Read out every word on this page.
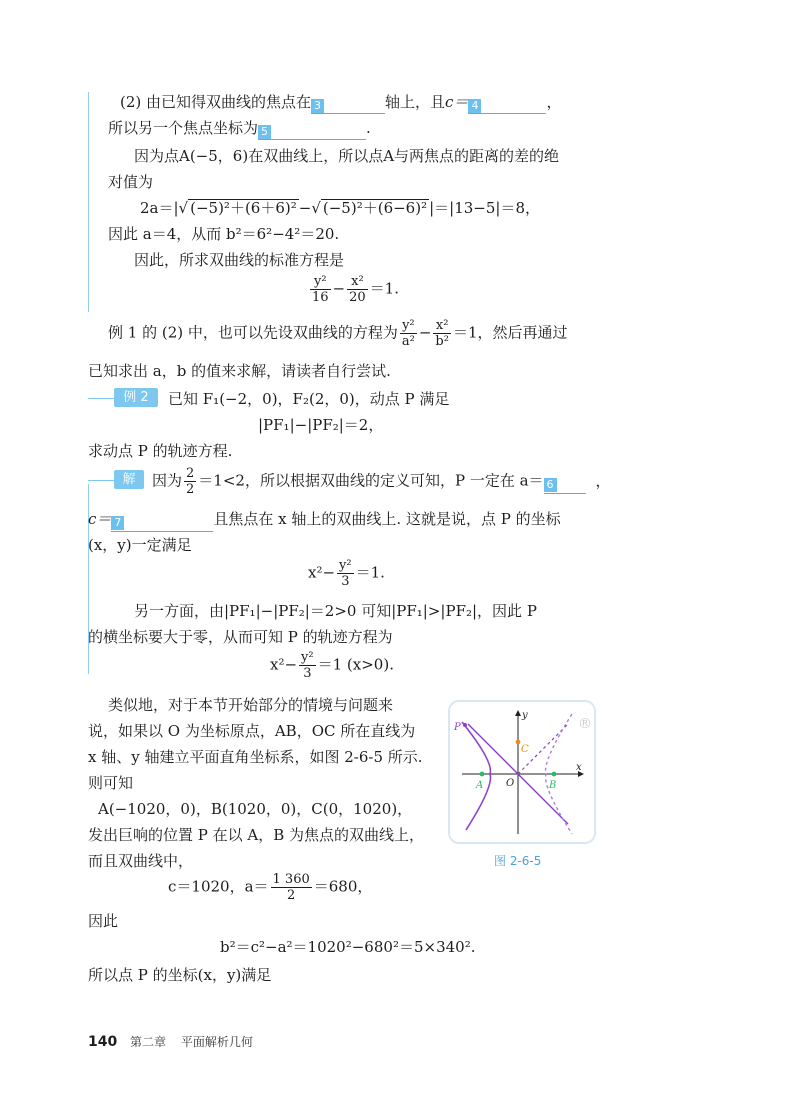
(2) 由已知得双曲线的焦点在 3	轴上，且c＝ 4	，
所以另一个焦点坐标为 5	.
因为点A(−5，6)在双曲线上，所以点A与两焦点的距离的差的绝
对值为
2a＝|√ (−5)²＋(6＋6)² −√ (−5)²＋(6−6)² |＝|13−5|＝8，
因此 a＝4，从而 b²＝6²−4²＝20.
因此，所求双曲线的标准方程是
$\frac{\text{y²}}{16} - \frac{\text{x²}}{20} =1$.
例 1 的 (2) 中，也可以先设双曲线的方程为 $\frac{\text{y²}}{\text{a²}} - \frac{\text{x²}}{\text{b²}} =1$，然后再通过
已知求出 a，b 的值来求解，请读者自行尝试.
例 2	已知 F₁(−2，0)，F₂(2，0)，动点 P 满足
|PF₁|−|PF₂|＝2，
求动点 P 的轨迹方程.
解	因为 $\frac{2}{2} =1<2$，所以根据双曲线的定义可知，P 一定在 a＝ 6	，
c＝ 7	且焦点在 x 轴上的双曲线上. 这就是说，点 P 的坐标
(x，y)一定满足
$x^2- \frac{\text{y²}}{3} =1$.
另一方面，由|PF₁|−|PF₂|＝2>0 可知|PF₁|>|PF₂|，因此 P
的横坐标要大于零，从而可知 P 的轨迹方程为
$x^2- \frac{\text{y²}}{3} =1$ (x>0).
类似地，对于本节开始部分的情境与问题来
说，如果以 O 为坐标原点，AB，OC 所在直线为
x 轴、y 轴建立平面直角坐标系，如图 2-6-5 所示.
则可知
A(−1020，0)，B(1020，0)，C(0，1020)，
发出巨响的位置 P 在以 A，B 为焦点的双曲线上，
而且双曲线中，
c＝1020，$a= \frac{1 360}{2} =680$，
因此
b²＝c²−a²＝1020²−680²＝5×340².
所以点 P 的坐标(x，y)满足
y
x
O
P
C
A	B
®
图 2-6-5
140 第二章 平面解析几何
